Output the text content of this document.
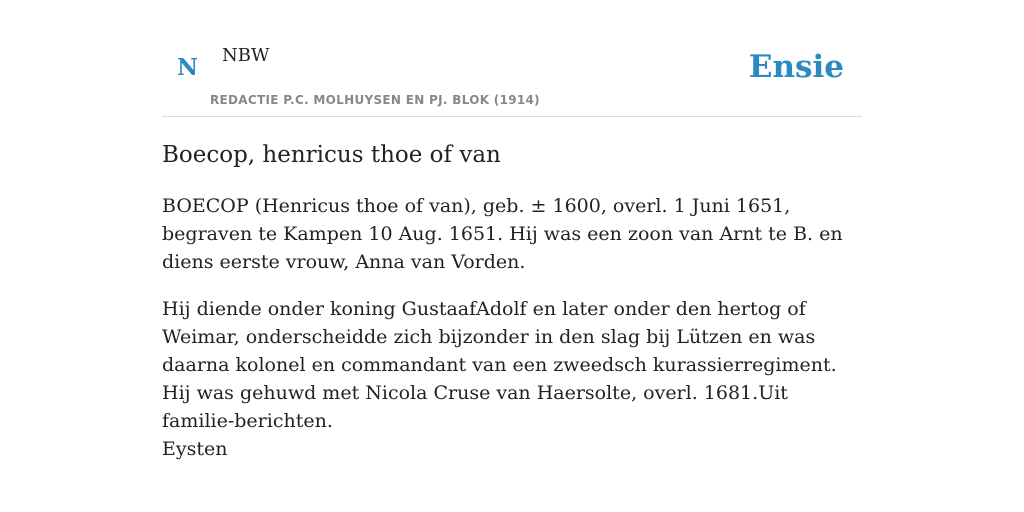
N NBW
REDACTIE P.C. MOLHUYSEN EN PJ. BLOK (1914)
Ensie
Boecop, henricus thoe of van

BOECOP (Henricus thoe of van), geb. ± 1600, overl. 1 Juni 1651, begraven te Kampen 10 Aug. 1651. Hij was een zoon van Arnt te B. en diens eerste vrouw, Anna van Vorden.

Hij diende onder koning GustaafAdolf en later onder den hertog of Weimar, onderscheidde zich bijzonder in den slag bij Lützen en was daarna kolonel en commandant van een zweedsch kurassierregiment. Hij was gehuwd met Nicola Cruse van Haersolte, overl. 1681.Uit familie-berichten.

Eysten
